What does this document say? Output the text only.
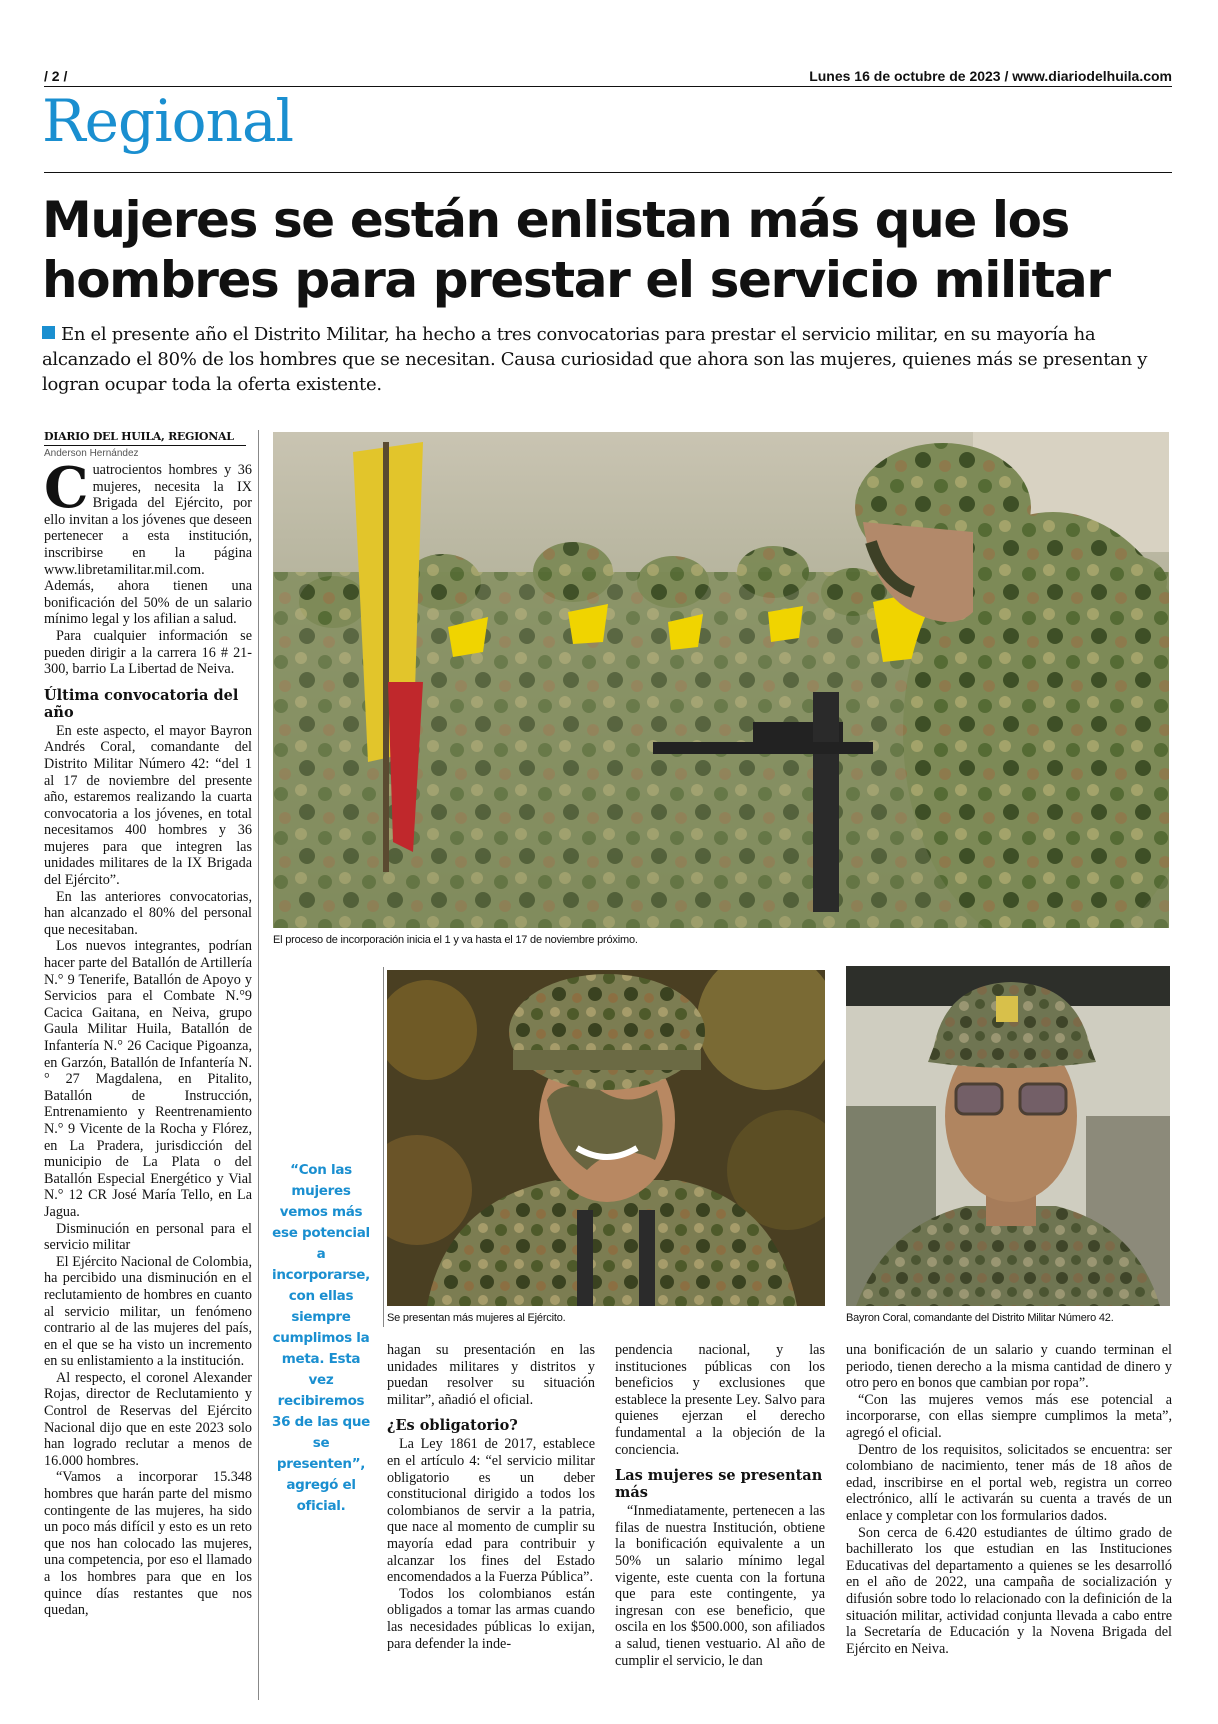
/ 2 /	Lunes 16 de octubre de 2023 / www.diariodelhuila.com
Regional
Mujeres se están enlistan más que los hombres para prestar el servicio militar
En el presente año el Distrito Militar, ha hecho a tres convocatorias para prestar el servicio militar, en su mayoría ha alcanzado el 80% de los hombres que se necesitan. Causa curiosidad que ahora son las mujeres, quienes más se presentan y logran ocupar toda la oferta existente.
DIARIO DEL HUILA, REGIONAL
Anderson Hernández

Cuatrocientos hombres y 36 mujeres, necesita la IX Brigada del Ejército, por ello invitan a los jóvenes que deseen pertenecer a esta institución, inscribirse en la página www.libretamilitar.mil.com. Además, ahora tienen una bonificación del 50% de un salario mínimo legal y los afilian a salud.

Para cualquier información se pueden dirigir a la carrera 16 # 21-300, barrio La Libertad de Neiva.

Última convocatoria del año

En este aspecto, el mayor Bayron Andrés Coral, comandante del Distrito Militar Número 42: “del 1 al 17 de noviembre del presente año, estaremos realizando la cuarta convocatoria a los jóvenes, en total necesitamos 400 hombres y 36 mujeres para que integren las unidades militares de la IX Brigada del Ejército”.

En las anteriores convocatorias, han alcanzado el 80% del personal que necesitaban.

Los nuevos integrantes, podrían hacer parte del Batallón de Artillería N.° 9 Tenerife, Batallón de Apoyo y Servicios para el Combate N.°9 Cacica Gaitana, en Neiva, grupo Gaula Militar Huila, Batallón de Infantería N.° 26 Cacique Pigoanza, en Garzón, Batallón de Infantería N.° 27 Magdalena, en Pitalito, Batallón de Instrucción, Entrenamiento y Reentrenamiento N.° 9 Vicente de la Rocha y Flórez, en La Pradera, jurisdicción del municipio de La Plata o del Batallón Especial Energético y Vial N.° 12 CR José María Tello, en La Jagua.

Disminución en personal para el servicio militar

El Ejército Nacional de Colombia, ha percibido una disminución en el reclutamiento de hombres en cuanto al servicio militar, un fenómeno contrario al de las mujeres del país, en el que se ha visto un incremento en su enlistamiento a la institución.

Al respecto, el coronel Alexander Rojas, director de Reclutamiento y Control de Reservas del Ejército Nacional dijo que en este 2023 solo han logrado reclutar a menos de 16.000 hombres.

“Vamos a incorporar 15.348 hombres que harán parte del mismo contingente de las mujeres, ha sido un poco más difícil y esto es un reto que nos han colocado las mujeres, una competencia, por eso el llamado a los hombres para que en los quince días restantes que nos quedan,

El proceso de incorporación inicia el 1 y va hasta el 17 de noviembre próximo.
Se presentan más mujeres al Ejército.	Bayron Coral, comandante del Distrito Militar Número 42.
“Con las mujeres vemos más ese potencial a incorporarse, con ellas siempre cumplimos la meta. Esta vez recibiremos 36 de las que se presenten”, agregó el oficial.

hagan su presentación en las unidades militares y distritos y puedan resolver su situación militar”, añadió el oficial.

¿Es obligatorio?

La Ley 1861 de 2017, establece en el artículo 4: “el servicio militar obligatorio es un deber constitucional dirigido a todos los colombianos de servir a la patria, que nace al momento de cumplir su mayoría edad para contribuir y alcanzar los fines del Estado encomendados a la Fuerza Pública”.

Todos los colombianos están obligados a tomar las armas cuando las necesidades públicas lo exijan, para defender la inde-

pendencia nacional, y las instituciones públicas con los beneficios y exclusiones que establece la presente Ley. Salvo para quienes ejerzan el derecho fundamental a la objeción de la conciencia.

Las mujeres se presentan más

“Inmediatamente, pertenecen a las filas de nuestra Institución, obtiene la bonificación equivalente a un 50% un salario mínimo legal vigente, este cuenta con la fortuna que para este contingente, ya ingresan con ese beneficio, que oscila en los $500.000, son afiliados a salud, tienen vestuario. Al año de cumplir el servicio, le dan

una bonificación de un salario y cuando terminan el periodo, tienen derecho a la misma cantidad de dinero y otro pero en bonos que cambian por ropa”.

“Con las mujeres vemos más ese potencial a incorporarse, con ellas siempre cumplimos la meta”, agregó el oficial.

Dentro de los requisitos, solicitados se encuentra: ser colombiano de nacimiento, tener más de 18 años de edad, inscribirse en el portal web, registra un correo electrónico, allí le activarán su cuenta a través de un enlace y completar con los formularios dados.

Son cerca de 6.420 estudiantes de último grado de bachillerato los que estudian en las Instituciones Educativas del departamento a quienes se les desarrolló en el año de 2022, una campaña de socialización y difusión sobre todo lo relacionado con la definición de la situación militar, actividad conjunta llevada a cabo entre la Secretaría de Educación y la Novena Brigada del Ejército en Neiva.
